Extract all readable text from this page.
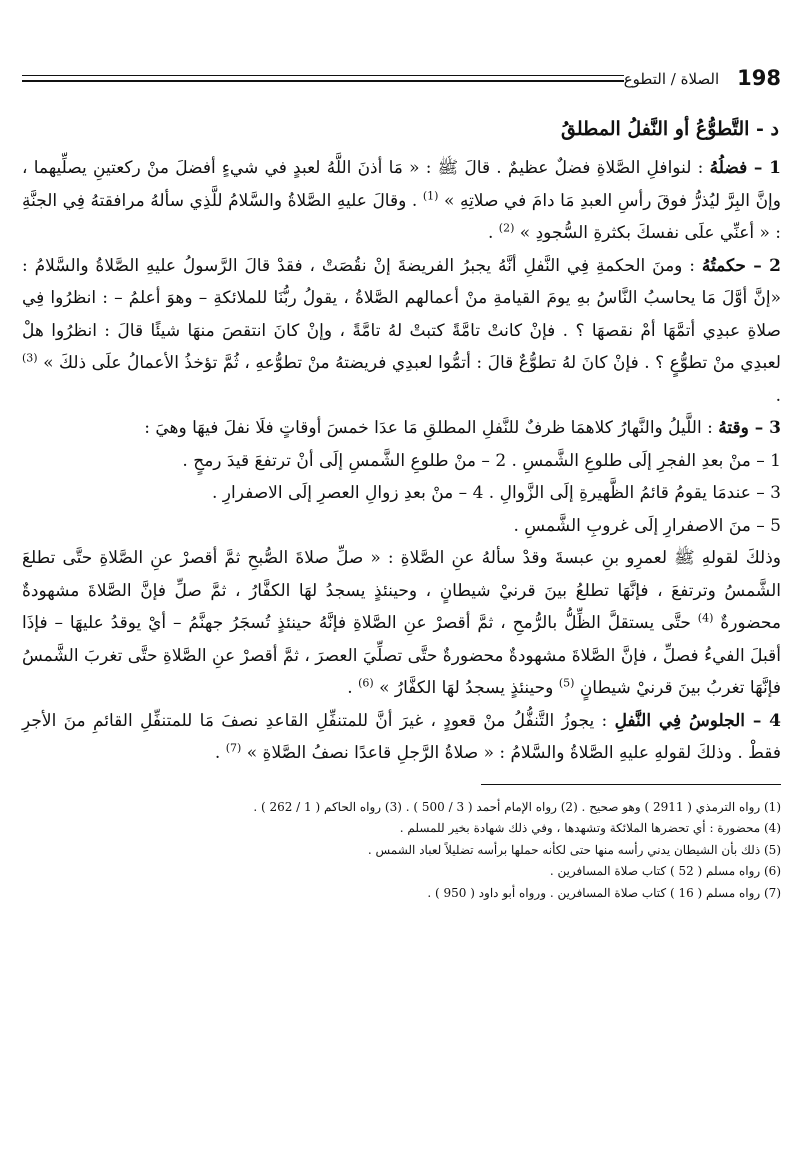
198
الصلاة / التطوع
د - التَّطوُّعُ أو النَّفلُ المطلقُ

1 – فضلُهُ : لنوافلِ الصَّلاةِ فضلٌ عظيمٌ . قالَ ﷺ : « مَا أذنَ اللَّهُ لعبدٍ في شيءٍ أفضلَ منْ ركعتينِ يصلِّيهما ، وإنَّ البِرَّ ليُذرُّ فوقَ رأسِ العبدِ مَا دامَ في صلاتِهِ » $^{(1)}$ . وقالَ عليهِ الصَّلاةُ والسَّلامُ للَّذِي سألهُ مرافقتهُ فِي الجنَّةِ : « أعنِّي علَى نفسكَ بكثرةِ السُّجودِ » $^{(2)}$ .

2 – حكمتُهُ : ومنَ الحكمةِ فِي النَّفلِ أنَّهُ يجبرُ الفريضةَ إنْ نقُصَتْ ، فقدْ قالَ الرَّسولُ عليهِ الصَّلاةُ والسَّلامُ : «إنَّ أوَّلَ مَا يحاسبُ النَّاسُ بهِ يومَ القيامةِ منْ أعمالهم الصَّلاةُ ، يقولُ ربُّنَا للملائكةِ – وهوَ أعلمُ – : انظرُوا فِي صلاةِ عبدِي أتمَّهَا أمْ نقصهَا ؟ . فإنْ كانتْ تامَّةً كتبتْ لهُ تامَّةً ، وإنْ كانَ انتقصَ منهَا شيئًا قالَ : انظرُوا هلْ لعبدِي منْ تطوُّعٍ ؟ . فإنْ كانَ لهُ تطوُّعٌ قالَ : أتمُّوا لعبدِي فريضتهُ منْ تطوُّعهِ ، ثُمَّ تؤخذُ الأعمالُ علَى ذلكَ » $^{(3)}$ .

3 – وقتهُ : اللَّيلُ والنَّهارُ كلاهمَا ظرفٌ للنَّفلِ المطلقِ مَا عدَا خمسَ أوقاتٍ فلَا نفلَ فيهَا وهيَ :

1 – منْ بعدِ الفجرِ إلَى طلوعِ الشَّمسِ . 2 – منْ طلوعِ الشَّمسِ إلَى أنْ ترتفعَ قيدَ رمحٍ .
3 – عندمَا يقومُ قائمُ الظَّهيرةِ إلَى الزَّوالِ . 4 – منْ بعدِ زوالِ العصرِ إلَى الاصفرارِ .
5 – منَ الاصفرارِ إلَى غروبِ الشَّمسِ .

وذلكَ لقولهِ ﷺ لعمرِو بنِ عبسةَ وقدْ سألهُ عنِ الصَّلاةِ : « صلِّ صلاةَ الصُّبحِ ثمَّ أقصرْ عنِ الصَّلاةِ حتَّى تطلعَ الشَّمسُ وترتفعَ ، فإنَّهَا تطلعُ بينَ قرنيْ شيطانٍ ، وحينئذٍ يسجدُ لهَا الكفَّارُ ، ثمَّ صلِّ فإنَّ الصَّلاةَ مشهودةٌ محضورةٌ $^{(4)}$ حتَّى يستقلَّ الظِّلُّ بالرُّمحِ ، ثمَّ أقصرْ عنِ الصَّلاةِ فإنَّهُ حينئذٍ تُسجَرُ جهنَّمُ – أيْ يوقدُ عليهَا – فإذَا أقبلَ الفيءُ فصلِّ ، فإنَّ الصَّلاةَ مشهودةٌ محضورةٌ حتَّى تصلِّيَ العصرَ ، ثمَّ أقصرْ عنِ الصَّلاةِ حتَّى تغربَ الشَّمسُ فإنَّهَا تغربُ بينَ قرنيْ شيطانٍ $^{(5)}$ وحينئذٍ يسجدُ لهَا الكفَّارُ » $^{(6)}$ .

4 – الجلوسُ فِي النَّفلِ : يجوزُ التَّنفُّلُ منْ قعودٍ ، غيرَ أنَّ للمتنفِّلِ القاعدِ نصفَ مَا للمتنفِّلِ القائمِ منَ الأجرِ فقطْ . وذلكَ لقولهِ عليهِ الصَّلاةُ والسَّلامُ : « صلاةُ الرَّجلِ قاعدًا نصفُ الصَّلاةِ » $^{(7)}$ .

(1) رواه الترمذي ( 2911 ) وهو صحيح . (2) رواه الإمام أحمد ( 3 / 500 ) . (3) رواه الحاكم ( 1 / 262 ) .
(4) محضورة : أي تحضرها الملائكة وتشهدها ، وفي ذلك شهادة بخير للمسلم .
(5) ذلك بأن الشيطان يدني رأسه منها حتى لكأنه حملها برأسه تضليلاً لعباد الشمس .
(6) رواه مسلم ( 52 ) كتاب صلاة المسافرين .
(7) رواه مسلم ( 16 ) كتاب صلاة المسافرين . ورواه أبو داود ( 950 ) .
